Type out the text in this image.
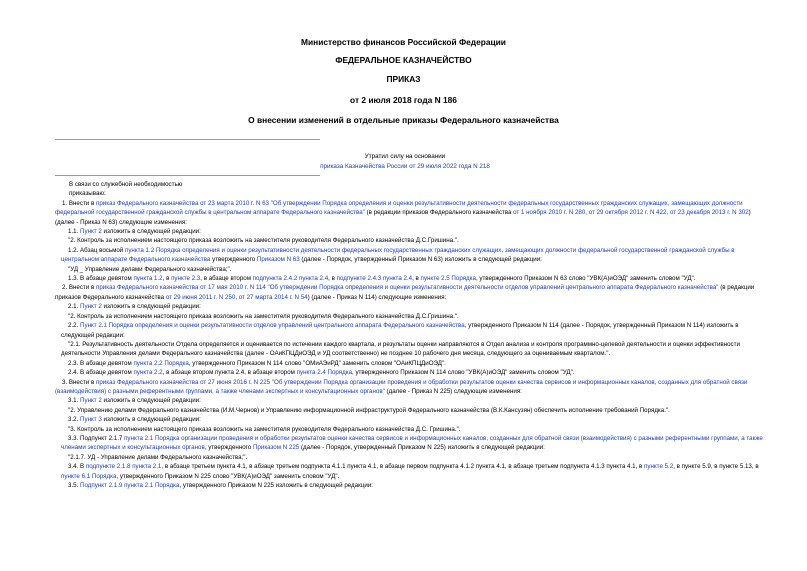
Министерство финансов Российской Федерации
ФЕДЕРАЛЬНОЕ КАЗНАЧЕЙСТВО
ПРИКАЗ
от 2 июля 2018 года N 186
О внесении изменений в отдельные приказы Федерального казначейства
Утратил силу на основании
приказа Казначейства России от 29 июля 2022 года N 218

В связи со служебной необходимостью

приказываю:

1. Внести в приказ Федерального казначейства от 23 марта 2010 г. N 63 "Об утверждении Порядка определения и оценки результативности деятельности федеральных государственных гражданских служащих, замещающих должности федеральной государственной гражданской службы в центральном аппарате Федерального казначейства" (в редакции приказов Федерального казначейства от 1 ноября 2010 г. N 280, от 29 октября 2012 г. N 422, от 23 декабря 2013 г. N 302) (далее - Приказ N 63) следующие изменения:

1.1. Пункт 2 изложить в следующей редакции:

"2. Контроль за исполнением настоящего приказа возложить на заместителя руководителя Федерального казначейства Д.С.Гришина.".

1.2. Абзац восьмой пункта 1.2 Порядка определения и оценки результативности деятельности федеральных государственных гражданских служащих, замещающих должности федеральной государственной гражданской службы в центральном аппарате Федерального казначейства утвержденного Приказом N 63 (далее - Порядок, утвержденный Приказом N 63) изложить в следующей редакции:

"УД _ Управление делами Федерального казначейства;".

1.3. В абзаце девятом пункта 1.2, в пункте 2.3, в абзаце втором подпункта 2.4.2 пункта 2.4, в подпункте 2.4.3 пункта 2.4, в пункте 2.5 Порядка, утвержденного Приказом N 63 слово "УВК(А)иОЭД" заменить словом "УД".

2. Внести в приказ Федерального казначейства от 17 мая 2010 г. N 114 "Об утверждении Порядка определения и оценки результативности деятельности отделов управлений центрального аппарата Федерального казначейства" (в редакции приказов Федерального казначейства от 29 июня 2011 г. N 250, от 27 марта 2014 г. N 54) (далее - Приказ N 114) следующие изменения:

2.1. Пункт 2 изложить в следующей редакции:

"2. Контроль за исполнением настоящего приказа возложить на заместителя руководителя Федерального казначейства Д.С.Гришина.".

2.2. Пункт 2.1 Порядка определения и оценки результативности отделов управлений центрального аппарата Федерального казначейства, утвержденного Приказом N 114 (далее - Порядок, утвержденный Приказом N 114) изложить в следующей редакции:

"2.1. Результативность деятельности Отдела определяется и оценивается по истечении каждого квартала, и результаты оценки направляются в Отдел анализа и контроля программно-целевой деятельности и оценки эффективности деятельности Управления делами Федерального казначейства (далее - ОАиКПЦДиОЭД и УД соответственно) не позднее 10 рабочего дня месяца, следующего за оцениваемым кварталом.".

2.3. В абзаце девятом пункта 2.2 Порядка, утвержденного Приказом N 114 слово "ОМиАЭиРД" заменить словом "ОАиКПЦДиОЭД".

2.4. В абзаце девятом пункта 2.2, в абзаце втором пункта 2.4, в абзаце втором пункта 2.4 Порядка, утвержденного Приказом N 114 слово "УВК(А)иОЭД" заменить словом "УД".

3. Внести в приказ Федерального казначейства от 27 июня 2016 г. N 225 "Об утверждении Порядка организации проведения и обработки результатов оценки качества сервисов и информационных каналов, созданных для обратной связи (взаимодействия) с разными референтными группами, а также членами экспертных и консультационных органов" (далее - Приказ N 225) следующие изменения:

3.1. Пункт 2 изложить в следующей редакции:

"2. Управлению делами Федерального казначейства (И.М.Чернов) и Управлению информационной инфраструктурой Федерального казначейства (В.К.Кансузян) обеспечить исполнение требований Порядка.".

3.2. Пункт 3 изложить в следующей редакции:

"3. Контроль за исполнением настоящего приказа возложить на заместителя руководителя Федерального казначейства Д.С. Гришина.".

3.3. Подпункт 2.1.7 пункта 2.1 Порядка организации проведения и обработки результатов оценки качества сервисов и информационных каналов, созданных для обратной связи (взаимодействия) с разными референтными группами, а также членами экспертных и консультационных органов, утвержденного Приказом N 225 (далее - Порядок, утвержденный Приказом N 225) изложить в следующей редакции:

"2.1.7. УД - Управление делами Федерального казначейства;".

3.4. В подпункте 2.1.8 пункта 2.1, в абзаце третьем пункта 4.1, в абзаце третьем подпункта 4.1.1 пункта 4.1, в абзаце первом подпункта 4.1.2 пункта 4.1, в абзаце третьем подпункта 4.1.3 пункта 4.1, в пункте 5.2, в пункте 5.9, в пункте 5.13, в пункте 6.1 Порядка, утвержденного Приказом N 225 слово "УВК(А)иОЭД" заменить словом "УД".

3.5. Подпункт 2.1.9 пункта 2.1 Порядка, утвержденного Приказом N 225 изложить в следующей редакции:
